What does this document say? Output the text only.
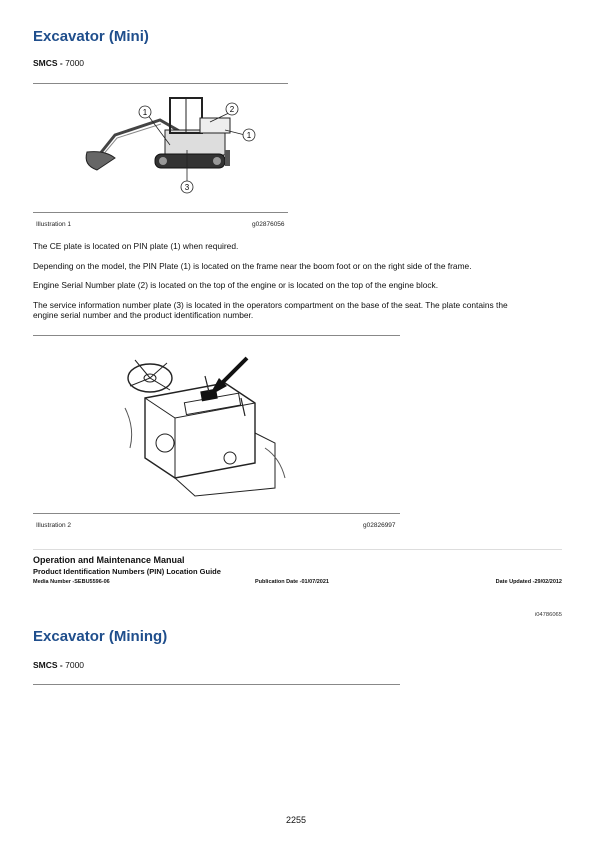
Excavator (Mini)
SMCS - 7000
1	2
1
3
Illustration 1	g02876056
The CE plate is located on PIN plate (1) when required.
Depending on the model, the PIN Plate (1) is located on the frame near the boom foot or on the right side of the frame.
Engine Serial Number plate (2) is located on the top of the engine or is located on the top of the engine block.
The service information number plate (3) is located in the operators compartment on the base of the seat. The plate contains the
engine serial number and the product identification number.
Illustration 2	g02826997
Operation and Maintenance Manual
Product Identification Numbers (PIN) Location Guide
Media Number -SEBU5596-06	Publication Date -01/07/2021	Date Updated -29/02/2012
i04786065
Excavator (Mining)
SMCS - 7000
2255
